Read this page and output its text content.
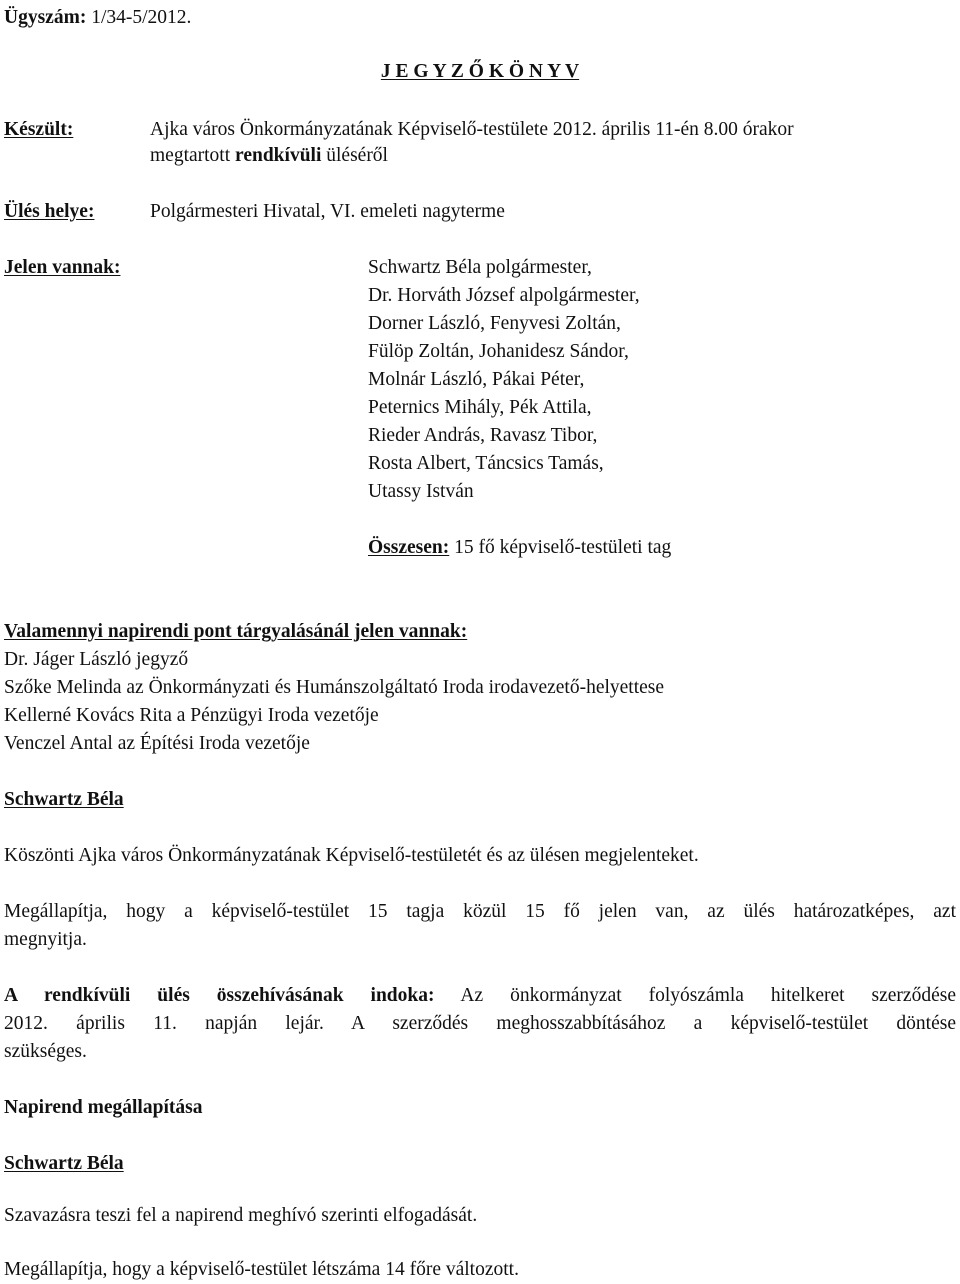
Ügyszám: 1/34-5/2012.
J E G Y Z Ő K Ö N Y V
Készült:	Ajka város Önkormányzatának Képviselő-testülete 2012. április 11-én 8.00 órakor
megtartott rendkívüli üléséről
Ülés helye:	Polgármesteri Hivatal, VI. emeleti nagyterme
Jelen vannak:	Schwartz Béla polgármester,
Dr. Horváth József alpolgármester,
Dorner László, Fenyvesi Zoltán,
Fülöp Zoltán, Johanidesz Sándor,
Molnár László, Pákai Péter,
Peternics Mihály, Pék Attila,
Rieder András, Ravasz Tibor,
Rosta Albert, Táncsics Tamás,
Utassy István
Összesen: 15 fő képviselő-testületi tag
Valamennyi napirendi pont tárgyalásánál jelen vannak:
Dr. Jáger László jegyző
Szőke Melinda az Önkormányzati és Humánszolgáltató Iroda irodavezető-helyettese
Kellerné Kovács Rita a Pénzügyi Iroda vezetője
Venczel Antal az Építési Iroda vezetője
Schwartz Béla
Köszönti Ajka város Önkormányzatának Képviselő-testületét és az ülésen megjelenteket.
Megállapítja, hogy a képviselő-testület 15 tagja közül 15 fő jelen van, az ülés határozatképes, azt
megnyitja.
A rendkívüli ülés összehívásának indoka: Az önkormányzat folyószámla hitelkeret szerződése
2012. április 11. napján lejár. A szerződés meghosszabbításához a képviselő-testület döntése
szükséges.
Napirend megállapítása
Schwartz Béla
Szavazásra teszi fel a napirend meghívó szerinti elfogadását.
Megállapítja, hogy a képviselő-testület létszáma 14 főre változott.
